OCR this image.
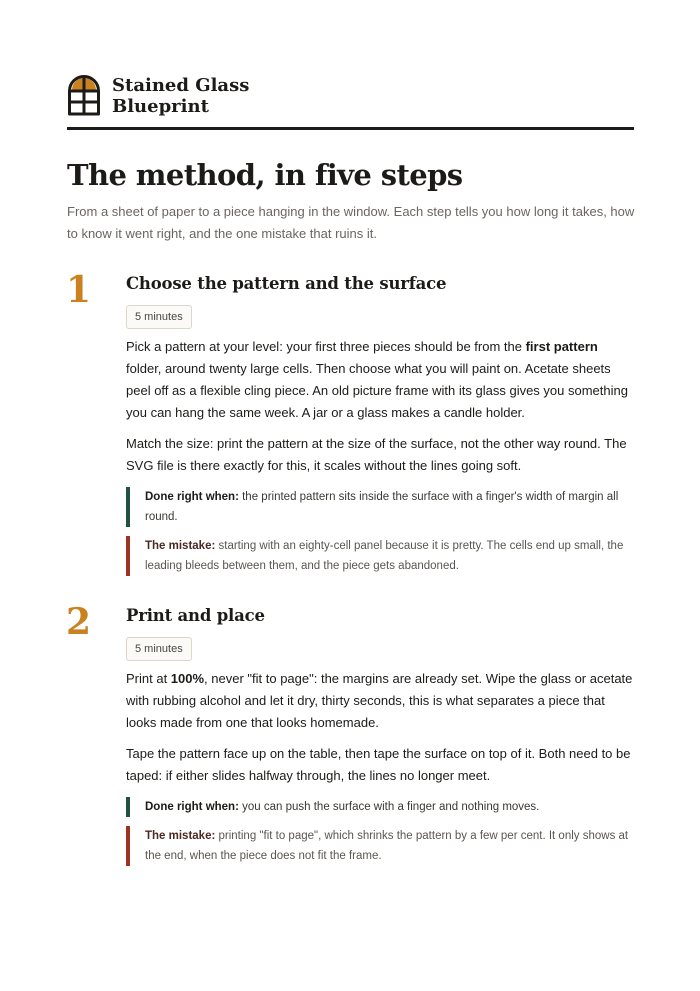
Stained Glass
Blueprint
The method, in five steps

From a sheet of paper to a piece hanging in the window. Each step tells you how long it takes, how to know it went right, and the one mistake that ruins it.

1 Choose the pattern and the surface
5 minutes

Pick a pattern at your level: your first three pieces should be from the first pattern folder, around twenty large cells. Then choose what you will paint on. Acetate sheets peel off as a flexible cling piece. An old picture frame with its glass gives you something you can hang the same week. A jar or a glass makes a candle holder.

Match the size: print the pattern at the size of the surface, not the other way round. The SVG file is there exactly for this, it scales without the lines going soft.

Done right when: the printed pattern sits inside the surface with a finger's width of margin all round.
The mistake: starting with an eighty-cell panel because it is pretty. The cells end up small, the leading bleeds between them, and the piece gets abandoned.
2 Print and place
5 minutes

Print at 100%, never "fit to page": the margins are already set. Wipe the glass or acetate with rubbing alcohol and let it dry, thirty seconds, this is what separates a piece that looks made from one that looks homemade.

Tape the pattern face up on the table, then tape the surface on top of it. Both need to be taped: if either slides halfway through, the lines no longer meet.

Done right when: you can push the surface with a finger and nothing moves.
The mistake: printing "fit to page", which shrinks the pattern by a few per cent. It only shows at the end, when the piece does not fit the frame.
